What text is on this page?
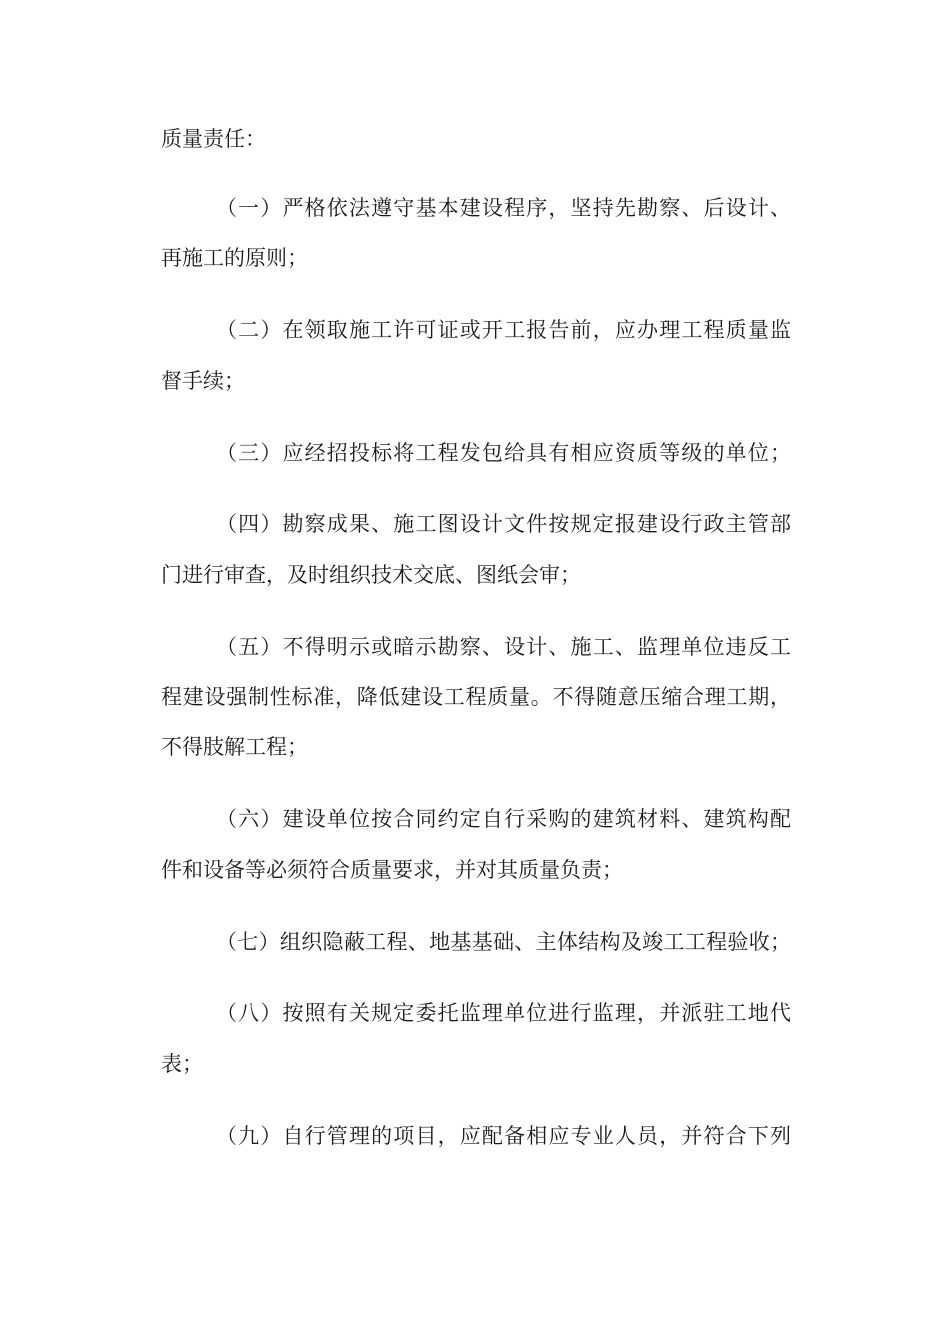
质量责任：
（一）严格依法遵守基本建设程序，坚持先勘察、后设计、
再施工的原则；
（二）在领取施工许可证或开工报告前，应办理工程质量监
督手续；
（三）应经招投标将工程发包给具有相应资质等级的单位；
（四）勘察成果、施工图设计文件按规定报建设行政主管部
门进行审查，及时组织技术交底、图纸会审；
（五）不得明示或暗示勘察、设计、施工、监理单位违反工
程建设强制性标准，降低建设工程质量。不得随意压缩合理工期，
不得肢解工程；
（六）建设单位按合同约定自行采购的建筑材料、建筑构配
件和设备等必须符合质量要求，并对其质量负责；
（七）组织隐蔽工程、地基基础、主体结构及竣工工程验收；
（八）按照有关规定委托监理单位进行监理，并派驻工地代
表；
（九）自行管理的项目，应配备相应专业人员，并符合下列
